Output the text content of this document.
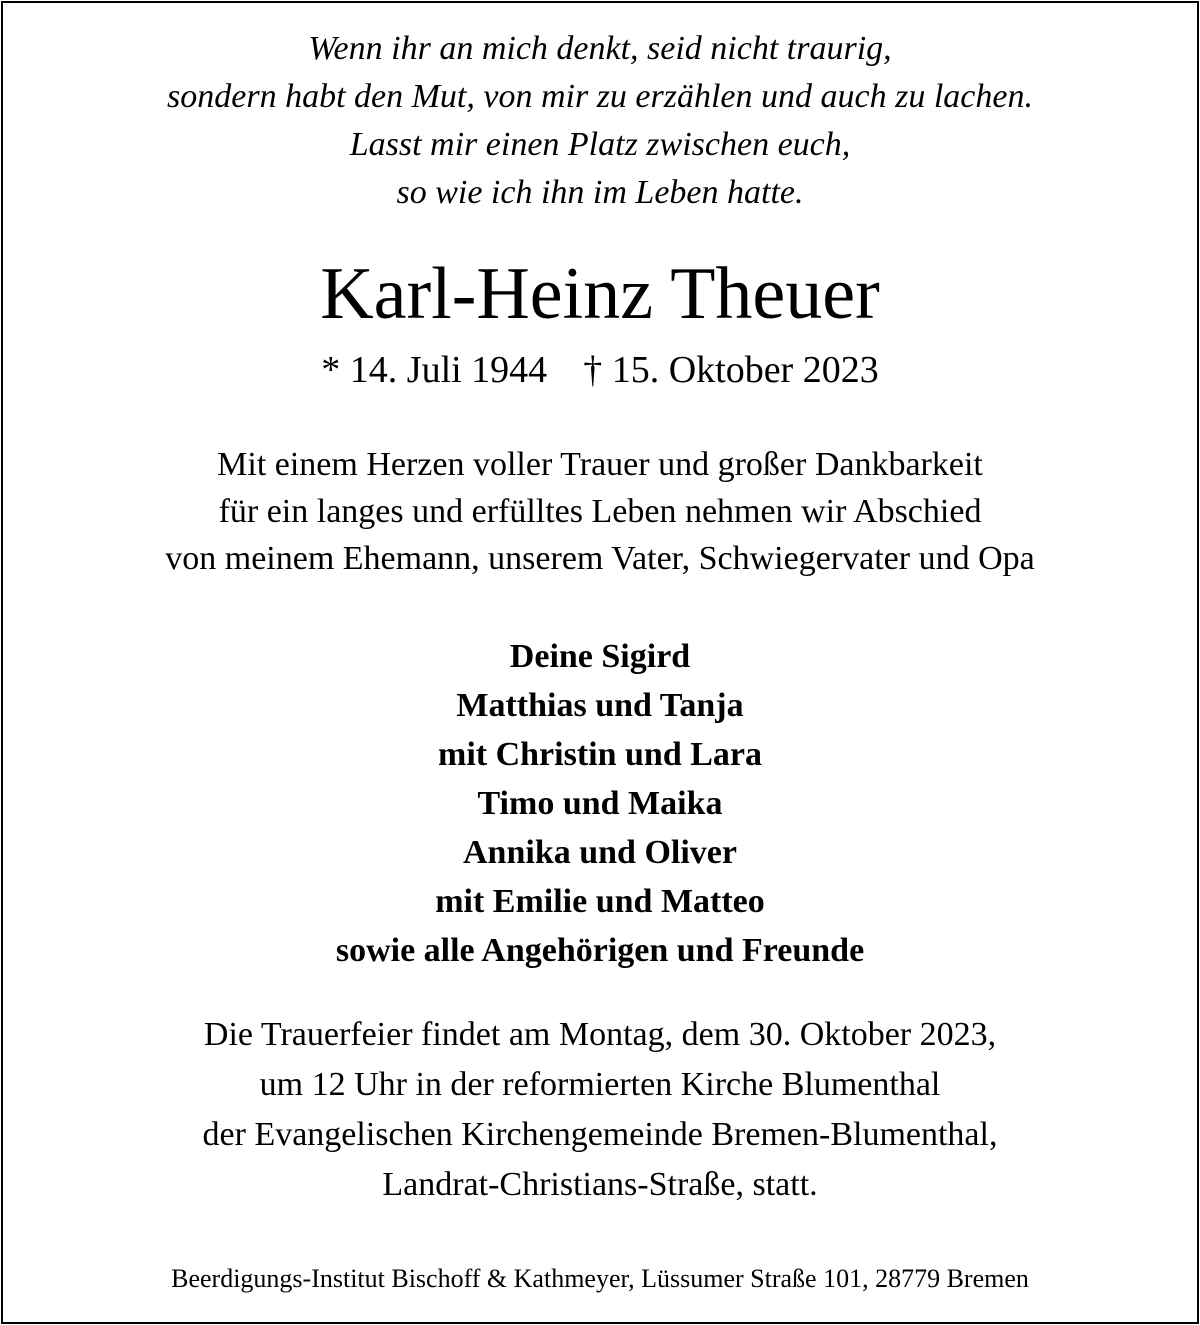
Wenn ihr an mich denkt, seid nicht traurig,
sondern habt den Mut, von mir zu erzählen und auch zu lachen.
Lasst mir einen Platz zwischen euch,
so wie ich ihn im Leben hatte.
Karl-Heinz Theuer
* 14. Juli 1944 † 15. Oktober 2023
Mit einem Herzen voller Trauer und großer Dankbarkeit
für ein langes und erfülltes Leben nehmen wir Abschied
von meinem Ehemann, unserem Vater, Schwiegervater und Opa
Deine Sigird
Matthias und Tanja
mit Christin und Lara
Timo und Maika
Annika und Oliver
mit Emilie und Matteo
sowie alle Angehörigen und Freunde
Die Trauerfeier findet am Montag, dem 30. Oktober 2023,
um 12 Uhr in der reformierten Kirche Blumenthal
der Evangelischen Kirchengemeinde Bremen-Blumenthal,
Landrat-Christians-Straße, statt.
Beerdigungs-Institut Bischoff & Kathmeyer, Lüssumer Straße 101, 28779 Bremen
